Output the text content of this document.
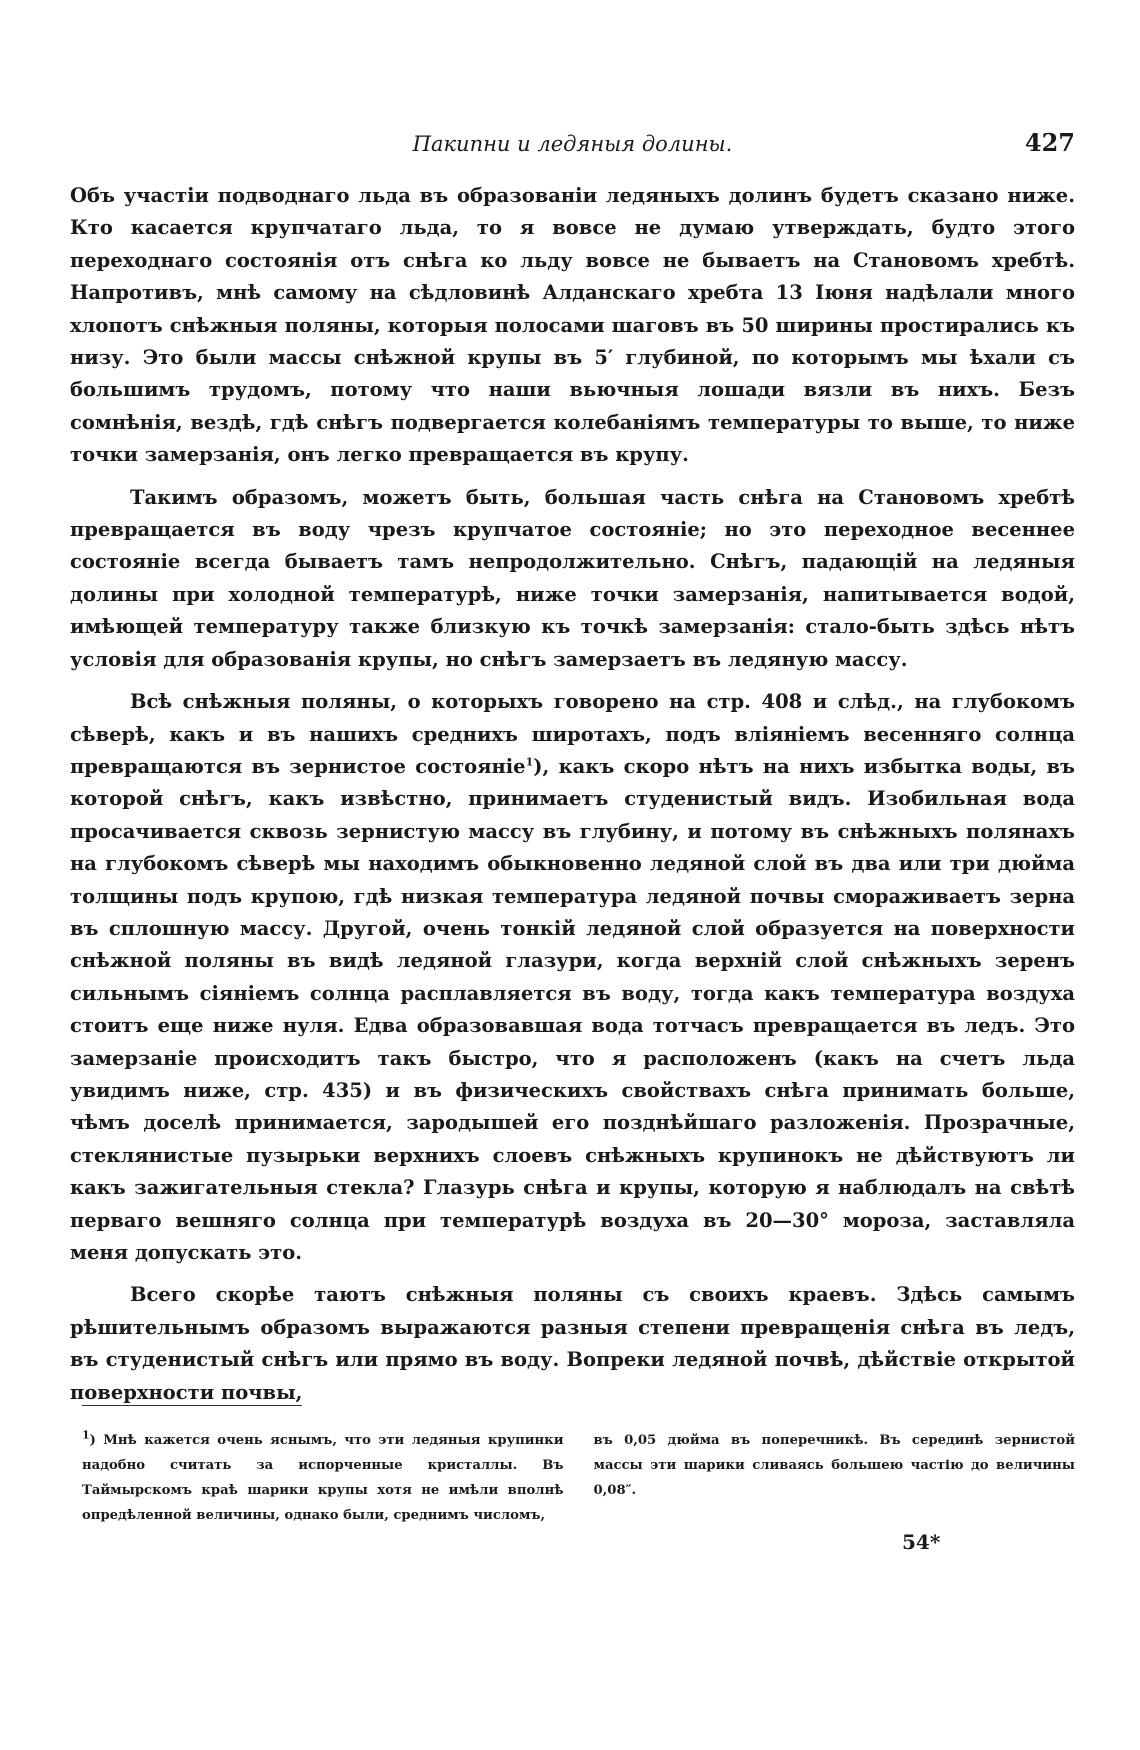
Пакипни и ледяныя долины.	427

Объ участіи подводнаго льда въ образованіи ледяныхъ долинъ будетъ сказано ниже. Кто касается крупчатаго льда, то я вовсе не думаю утверждать, будто этого переходнаго состоянія отъ снѣга ко льду вовсе не бываетъ на Становомъ хребтѣ. Напротивъ, мнѣ самому на сѣдловинѣ Алданскаго хребта 13 Іюня надѣлали много хлопотъ снѣжныя поляны, которыя полосами шаговъ въ 50 ширины простирались къ низу. Это были массы снѣжной крупы въ 5′ глубиной, по которымъ мы ѣхали съ большимъ трудомъ, потому что наши вьючныя лошади вязли въ нихъ. Безъ сомнѣнія, вездѣ, гдѣ снѣгъ подвергается колебаніямъ температуры то выше, то ниже точки замерзанія, онъ легко превращается въ крупу.

Такимъ образомъ, можетъ быть, большая часть снѣга на Становомъ хребтѣ превращается въ воду чрезъ крупчатое состояніе; но это переходное весеннее состояніе всегда бываетъ тамъ непродолжительно. Снѣгъ, падающій на ледяныя долины при холодной температурѣ, ниже точки замерзанія, напитывается водой, имѣющей температуру также близкую къ точкѣ замерзанія: стало-быть здѣсь нѣтъ условія для образованія крупы, но снѣгъ замерзаетъ въ ледяную массу.

Всѣ снѣжныя поляны, о которыхъ говорено на стр. 408 и слѣд., на глубокомъ сѣверѣ, какъ и въ нашихъ среднихъ широтахъ, подъ вліяніемъ весенняго солнца превращаются въ зернистое состояніе$^1$), какъ скоро нѣтъ на нихъ избытка воды, въ которой снѣгъ, какъ извѣстно, принимаетъ студенистый видъ. Изобильная вода просачивается сквозь зернистую массу въ глубину, и потому въ снѣжныхъ полянахъ на глубокомъ сѣверѣ мы находимъ обыкновенно ледяной слой въ два или три дюйма толщины подъ крупою, гдѣ низкая температура ледяной почвы смораживаетъ зерна въ сплошную массу. Другой, очень тонкій ледяной слой образуется на поверхности снѣжной поляны въ видѣ ледяной глазури, когда верхній слой снѣжныхъ зеренъ сильнымъ сіяніемъ солнца расплавляется въ воду, тогда какъ температура воздуха стоитъ еще ниже нуля. Едва образовавшая вода тотчасъ превращается въ ледъ. Это замерзаніе происходитъ такъ быстро, что я расположенъ (какъ на счетъ льда увидимъ ниже, стр. 435) и въ физическихъ свойствахъ снѣга принимать больше, чѣмъ доселѣ принимается, зародышей его позднѣйшаго разложенія. Прозрачные, стеклянистые пузырьки верхнихъ слоевъ снѣжныхъ крупинокъ не дѣйствуютъ ли какъ зажигательныя стекла? Глазурь снѣга и крупы, которую я наблюдалъ на свѣтѣ перваго вешняго солнца при температурѣ воздуха въ 20—30° мороза, заставляла меня допускать это.

Всего скорѣе таютъ снѣжныя поляны съ своихъ краевъ. Здѣсь самымъ рѣшительнымъ образомъ выражаются разныя степени превращенія снѣга въ ледъ, въ студенистый снѣгъ или прямо въ воду. Вопреки ледяной почвѣ, дѣйствіе открытой поверхности почвы,

$^1$) Мнѣ кажется очень яснымъ, что эти ледяныя крупинки надобно считать за испорченные кристаллы. Въ Таймырскомъ краѣ шарики крупы хотя не имѣли вполнѣ опредѣленной величины, однако были, среднимъ числомъ,
въ 0,05 дюйма въ поперечникѣ. Въ серединѣ зернистой массы эти шарики сливаясь большею частію до величины 0,08″.
54*
